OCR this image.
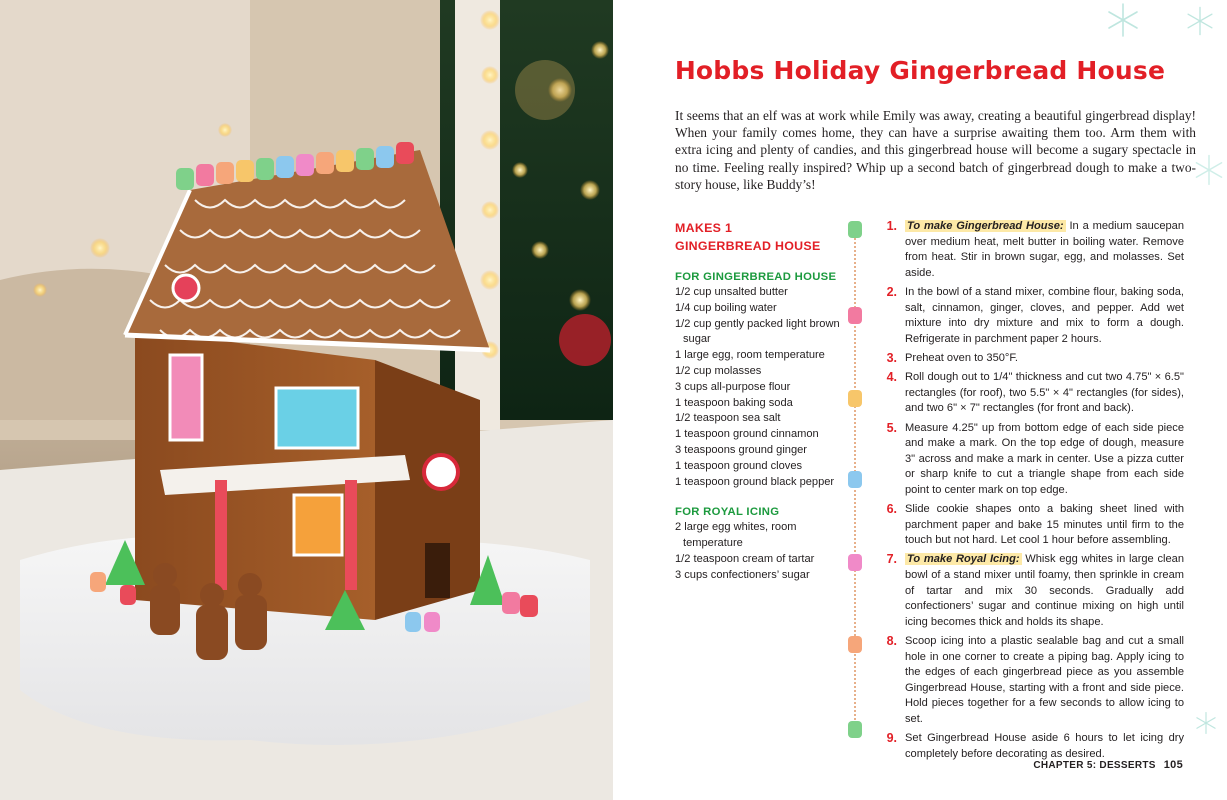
Hobbs Holiday Gingerbread House

It seems that an elf was at work while Emily was away, creating a beautiful gingerbread display! When your family comes home, they can have a surprise awaiting them too. Arm them with extra icing and plenty of candies, and this gingerbread house will become a sugary spectacle in no time. Feeling really inspired? Whip up a second batch of gingerbread dough to make a two-story house, like Buddy’s!

MAKES 1
GINGERBREAD HOUSE
FOR GINGERBREAD HOUSE
1/2 cup unsalted butter
1/4 cup boiling water
1/2 cup gently packed light brown sugar
1 large egg, room temperature
1/2 cup molasses
3 cups all-purpose flour
1 teaspoon baking soda
1/2 teaspoon sea salt
1 teaspoon ground cinnamon
3 teaspoons ground ginger
1 teaspoon ground cloves
1 teaspoon ground black pepper
FOR ROYAL ICING
2 large egg whites, room temperature
1/2 teaspoon cream of tartar
3 cups confectioners’ sugar
1. To make Gingerbread House: In a medium saucepan over medium heat, melt butter in boiling water. Remove from heat. Stir in brown sugar, egg, and molasses. Set aside.
2. In the bowl of a stand mixer, combine flour, baking soda, salt, cinnamon, ginger, cloves, and pepper. Add wet mixture into dry mixture and mix to form a dough. Refrigerate in parchment paper 2 hours.
3. Preheat oven to 350°F.
4. Roll dough out to 1/4" thickness and cut two 4.75" × 6.5" rectangles (for roof), two 5.5" × 4" rectangles (for sides), and two 6" × 7" rectangles (for front and back).
5. Measure 4.25" up from bottom edge of each side piece and make a mark. On the top edge of dough, measure 3" across and make a mark in center. Use a pizza cutter or sharp knife to cut a triangle shape from each side point to center mark on top edge.
6. Slide cookie shapes onto a baking sheet lined with parchment paper and bake 15 minutes until firm to the touch but not hard. Let cool 1 hour before assembling.
7. To make Royal Icing: Whisk egg whites in large clean bowl of a stand mixer until foamy, then sprinkle in cream of tartar and mix 30 seconds. Gradually add confectioners’ sugar and continue mixing on high until icing becomes thick and holds its shape.
8. Scoop icing into a plastic sealable bag and cut a small hole in one corner to create a piping bag. Apply icing to the edges of each gingerbread piece as you assemble Gingerbread House, starting with a front and side piece. Hold pieces together for a few seconds to allow icing to set.
9. Set Gingerbread House aside 6 hours to let icing dry completely before decorating as desired.
CHAPTER 5: DESSERTS 105
